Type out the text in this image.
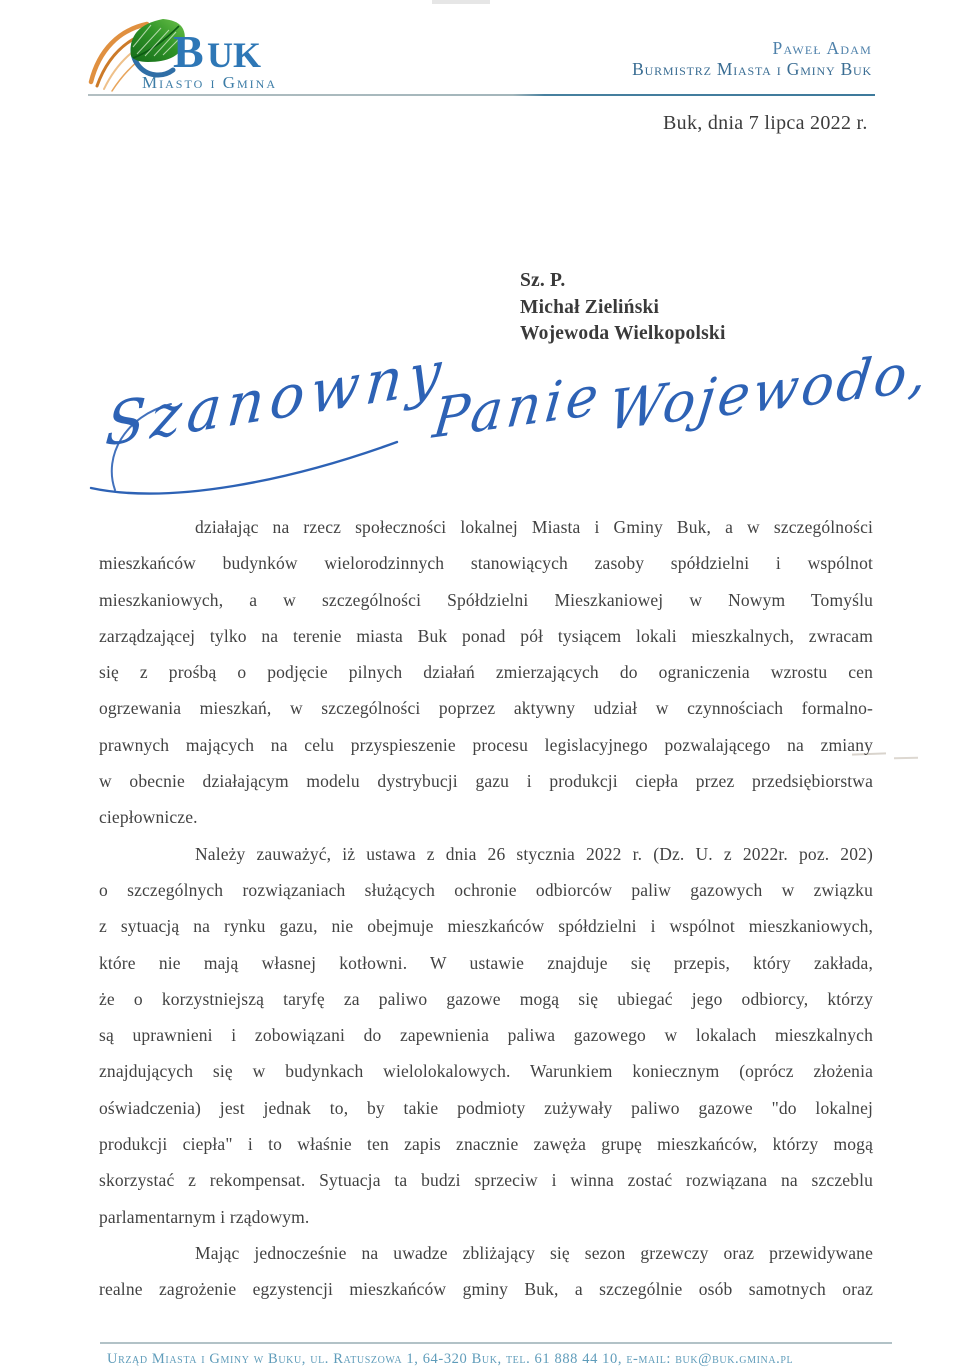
B UK
Miasto i Gmina
Paweł Adam
Burmistrz Miasta i Gminy Buk
Buk, dnia 7 lipca 2022 r.
Sz. P.
Michał Zieliński
Wojewoda Wielkopolski
Szanowny
Panie Wojewodo,
działając na rzecz społeczności lokalnej Miasta i Gminy Buk, a w szczególności
mieszkańców budynków wielorodzinnych stanowiących zasoby spółdzielni i wspólnot
mieszkaniowych, a w szczególności Spółdzielni Mieszkaniowej w Nowym Tomyślu
zarządzającej tylko na terenie miasta Buk ponad pół tysiącem lokali mieszkalnych, zwracam
się z prośbą o podjęcie pilnych działań zmierzających do ograniczenia wzrostu cen
ogrzewania mieszkań, w szczególności poprzez aktywny udział w czynnościach formalno-
prawnych mających na celu przyspieszenie procesu legislacyjnego pozwalającego na zmiany
w obecnie działającym modelu dystrybucji gazu i produkcji ciepła przez przedsiębiorstwa
ciepłownicze.
Należy zauważyć, iż ustawa z dnia 26 stycznia 2022 r. (Dz. U. z 2022r. poz. 202)
o szczególnych rozwiązaniach służących ochronie odbiorców paliw gazowych w związku
z sytuacją na rynku gazu, nie obejmuje mieszkańców spółdzielni i wspólnot mieszkaniowych,
które nie mają własnej kotłowni. W ustawie znajduje się przepis, który zakłada,
że o korzystniejszą taryfę za paliwo gazowe mogą się ubiegać jego odbiorcy, którzy
są uprawnieni i zobowiązani do zapewnienia paliwa gazowego w lokalach mieszkalnych
znajdujących się w budynkach wielolokalowych. Warunkiem koniecznym (oprócz złożenia
oświadczenia) jest jednak to, by takie podmioty zużywały paliwo gazowe "do lokalnej
produkcji ciepła" i to właśnie ten zapis znacznie zawęża grupę mieszkańców, którzy mogą
skorzystać z rekompensat. Sytuacja ta budzi sprzeciw i winna zostać rozwiązana na szczeblu
parlamentarnym i rządowym.
Mając jednocześnie na uwadze zbliżający się sezon grzewczy oraz przewidywane
realne zagrożenie egzystencji mieszkańców gminy Buk, a szczególnie osób samotnych oraz
Urząd Miasta i Gminy w Buku, ul. Ratuszowa 1, 64-320 Buk, tel. 61 888 44 10, e-mail: buk@buk.gmina.pl
